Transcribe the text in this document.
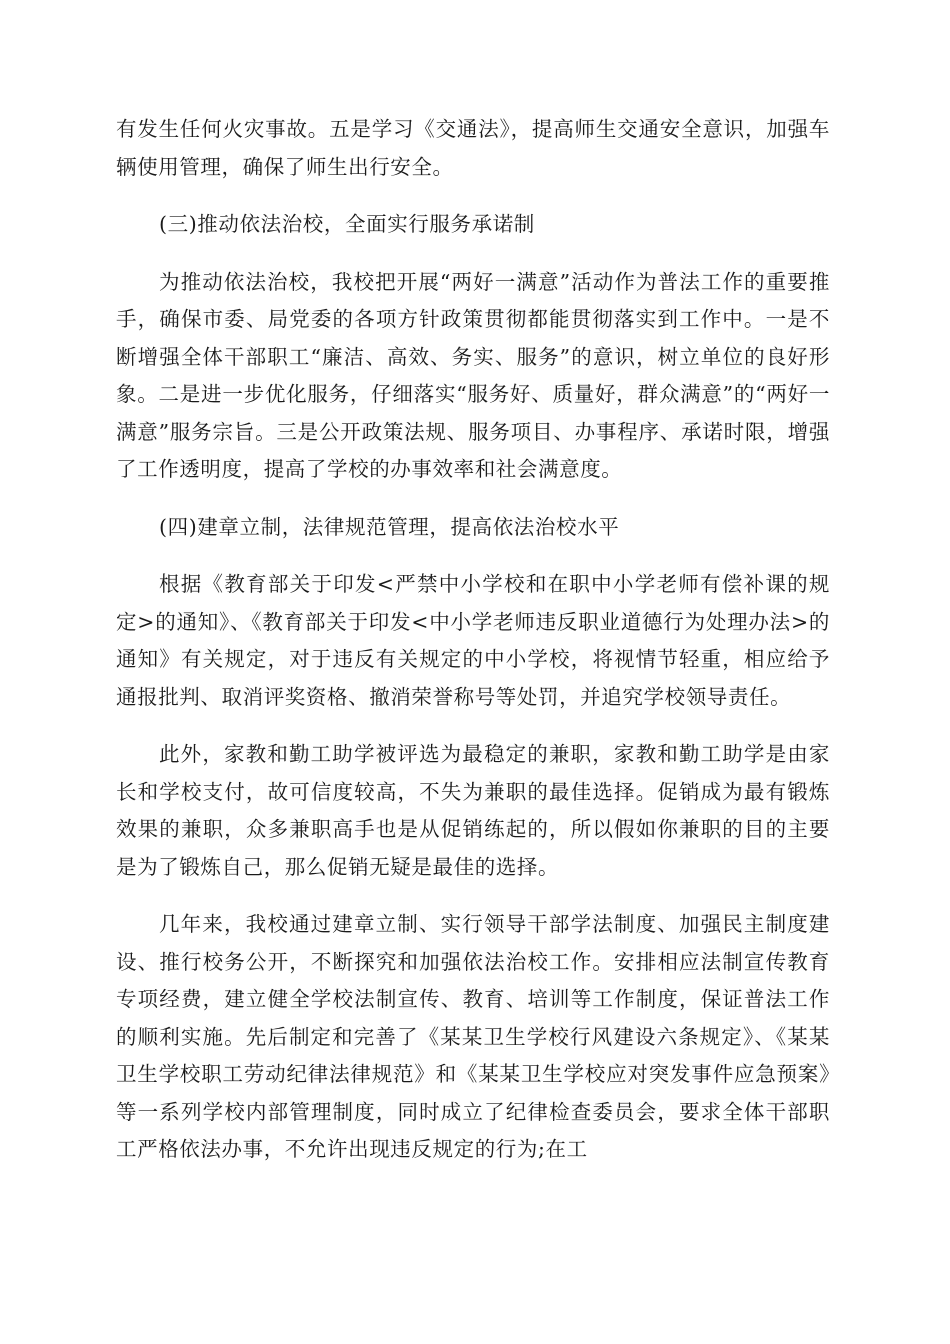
有发生任何火灾事故。五是学习《交通法》，提高师生交通安全意识，加强车辆使用管理，确保了师生出行安全。

(三)推动依法治校，全面实行服务承诺制

为推动依法治校，我校把开展“两好一满意”活动作为普法工作的重要推手，确保市委、局党委的各项方针政策贯彻都能贯彻落实到工作中。一是不断增强全体干部职工“廉洁、高效、务实、服务”的意识，树立单位的良好形象。二是进一步优化服务，仔细落实“服务好、质量好，群众满意”的“两好一满意”服务宗旨。三是公开政策法规、服务项目、办事程序、承诺时限，增强了工作透明度，提高了学校的办事效率和社会满意度。

(四)建章立制，法律规范管理，提高依法治校水平

根据《教育部关于印发<严禁中小学校和在职中小学老师有偿补课的规定>的通知》、《教育部关于印发<中小学老师违反职业道德行为处理办法>的通知》有关规定，对于违反有关规定的中小学校，将视情节轻重，相应给予通报批判、取消评奖资格、撤消荣誉称号等处罚，并追究学校领导责任。

此外，家教和勤工助学被评选为最稳定的兼职，家教和勤工助学是由家长和学校支付，故可信度较高，不失为兼职的最佳选择。促销成为最有锻炼效果的兼职，众多兼职高手也是从促销练起的，所以假如你兼职的目的主要是为了锻炼自己，那么促销无疑是最佳的选择。

几年来，我校通过建章立制、实行领导干部学法制度、加强民主制度建设、推行校务公开，不断探究和加强依法治校工作。安排相应法制宣传教育专项经费，建立健全学校法制宣传、教育、培训等工作制度，保证普法工作的顺利实施。先后制定和完善了《某某卫生学校行风建设六条规定》、《某某卫生学校职工劳动纪律法律规范》和《某某卫生学校应对突发事件应急预案》等一系列学校内部管理制度，同时成立了纪律检查委员会，要求全体干部职工严格依法办事，不允许出现违反规定的行为;在工
